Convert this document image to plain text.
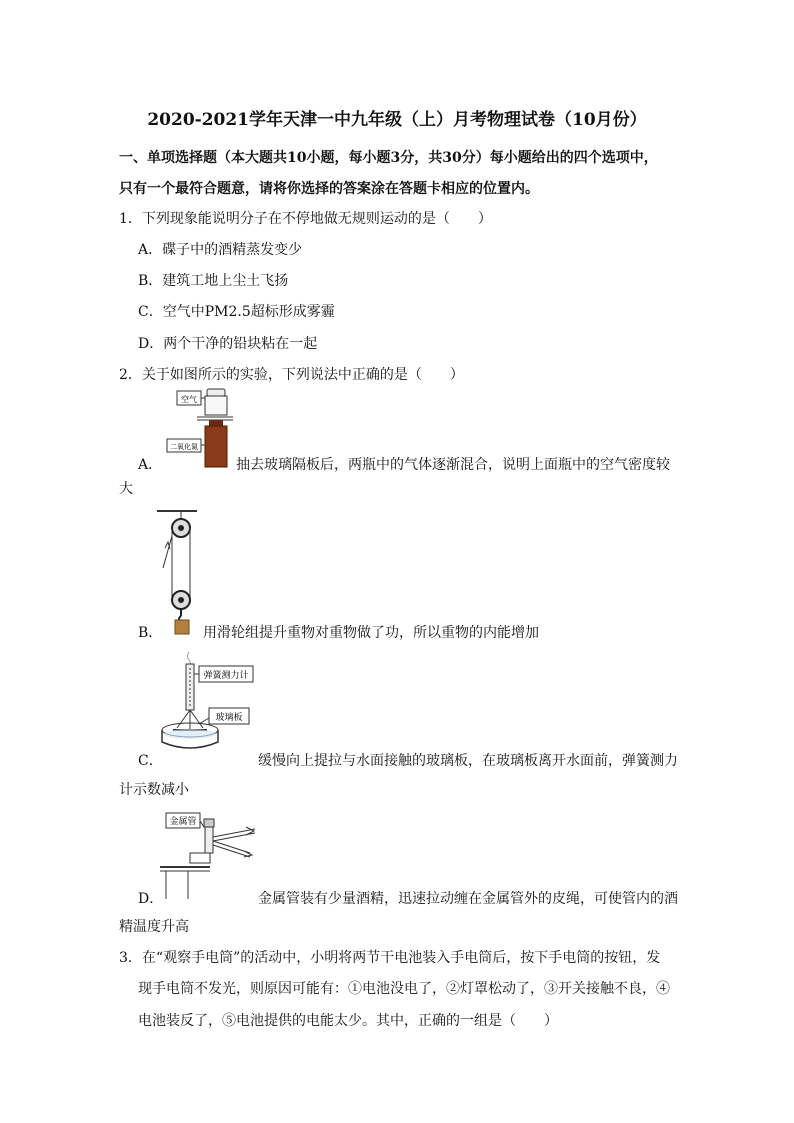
2020-2021学年天津一中九年级（上）月考物理试卷（10月份）
一、单项选择题（本大题共10小题，每小题3分，共30分）每小题给出的四个选项中，
只有一个最符合题意，请将你选择的答案涂在答题卡相应的位置内。
1．下列现象能说明分子在不停地做无规则运动的是（　　）
A．碟子中的酒精蒸发变少
B．建筑工地上尘土飞扬
C．空气中PM2.5超标形成雾霾
D．两个干净的铅块粘在一起
2．关于如图所示的实验，下列说法中正确的是（　　）
空气
二氧化氮
A．	抽去玻璃隔板后，两瓶中的气体逐渐混合，说明上面瓶中的空气密度较
大
B．	用滑轮组提升重物对重物做了功，所以重物的内能增加
弹簧测力计
玻璃板
C．	缓慢向上提拉与水面接触的玻璃板，在玻璃板离开水面前，弹簧测力
计示数减小
金属管
D．	金属管装有少量酒精，迅速拉动缠在金属管外的皮绳，可使管内的酒
精温度升高
3．在“观察手电筒”的活动中，小明将两节干电池装入手电筒后，按下手电筒的按钮，发
现手电筒不发光，则原因可能有：①电池没电了，②灯罩松动了，③开关接触不良，④
电池装反了，⑤电池提供的电能太少。其中，正确的一组是（　　）
